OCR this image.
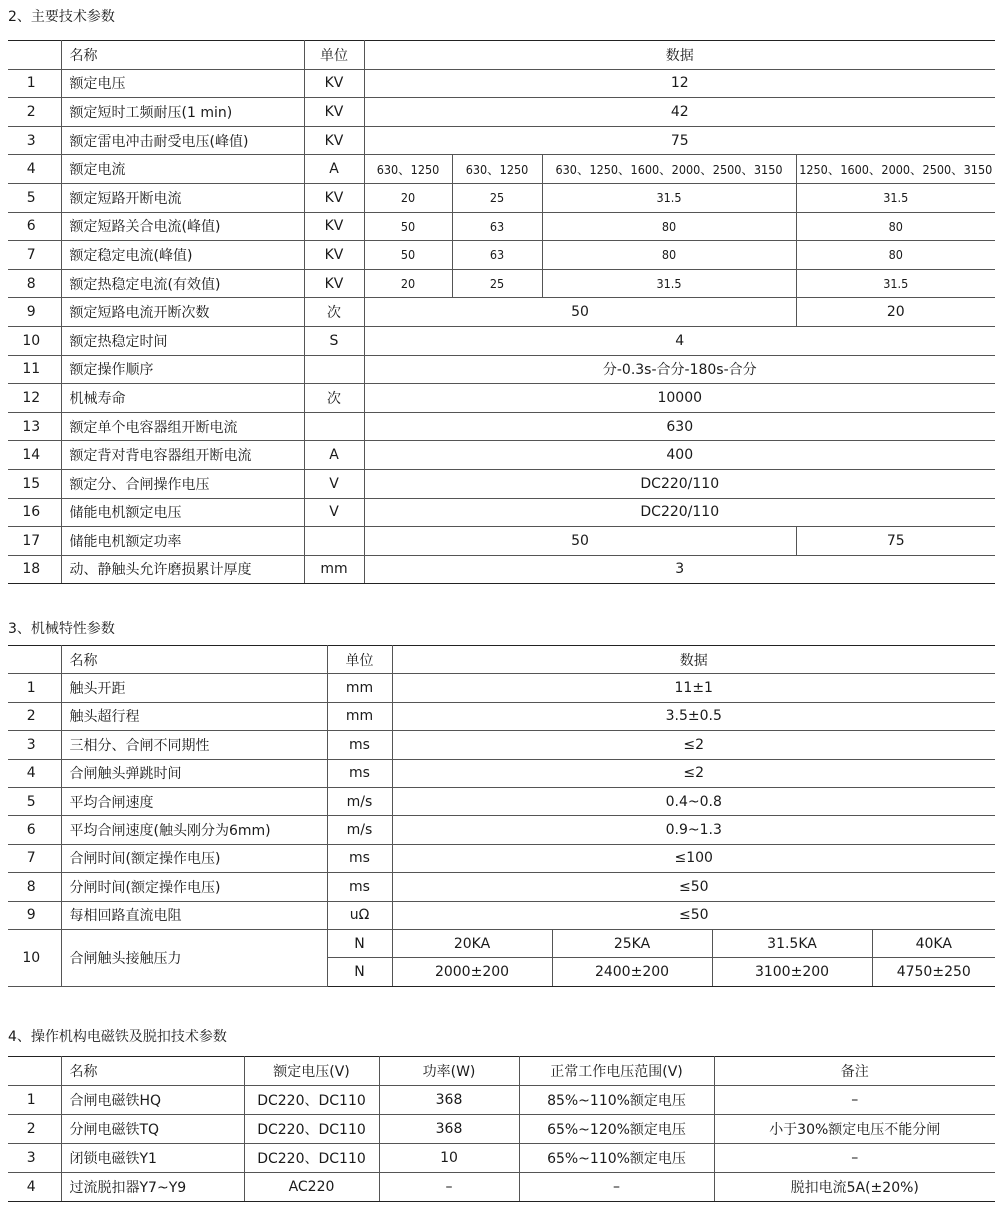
2、主要技术参数
	名称	单位	数据			
1	额定电压	KV	12			
2	额定短时工频耐压(1 min)	KV	42			
3	额定雷电冲击耐受电压(峰值)	KV	75			
4	额定电流	A	630、1250	630、1250	630、1250、1600、2000、2500、3150	1250、1600、2000、2500、3150
5	额定短路开断电流	KV	20	25	31.5	31.5
6	额定短路关合电流(峰值)	KV	50	63	80	80
7	额定稳定电流(峰值)	KV	50	63	80	80
8	额定热稳定电流(有效值)	KV	20	25	31.5	31.5
9	额定短路电流开断次数	次	50			20
10	额定热稳定时间	S	4			
11	额定操作顺序		分-0.3s-合分-180s-合分			
12	机械寿命	次	10000			
13	额定单个电容器组开断电流		630			
14	额定背对背电容器组开断电流	A	400			
15	额定分、合闸操作电压	V	DC220/110			
16	储能电机额定电压	V	DC220/110			
17	储能电机额定功率		50			75
18	动、静触头允许磨损累计厚度	mm	3			
3、机械特性参数
	名称	单位	数据			
1	触头开距	mm	11±1			
2	触头超行程	mm	3.5±0.5			
3	三相分、合闸不同期性	ms	≤2			
4	合闸触头弹跳时间	ms	≤2			
5	平均合闸速度	m/s	0.4~0.8			
6	平均合闸速度(触头刚分为6mm)	m/s	0.9~1.3			
7	合闸时间(额定操作电压)	ms	≤100			
8	分闸时间(额定操作电压)	ms	≤50			
9	每相回路直流电阻	uΩ	≤50			
10	合闸触头接触压力	N	20KA	25KA	31.5KA	40KA
		N	2000±200	2400±200	3100±200	4750±250
4、操作机构电磁铁及脱扣技术参数
	名称	额定电压(V)	功率(W)	正常工作电压范围(V)	备注
1	合闸电磁铁HQ	DC220、DC110	368	85%~110%额定电压	–
2	分闸电磁铁TQ	DC220、DC110	368	65%~120%额定电压	小于30%额定电压不能分闸
3	闭锁电磁铁Y1	DC220、DC110	10	65%~110%额定电压	–
4	过流脱扣器Y7~Y9	AC220	–	–	脱扣电流5A(±20%)
